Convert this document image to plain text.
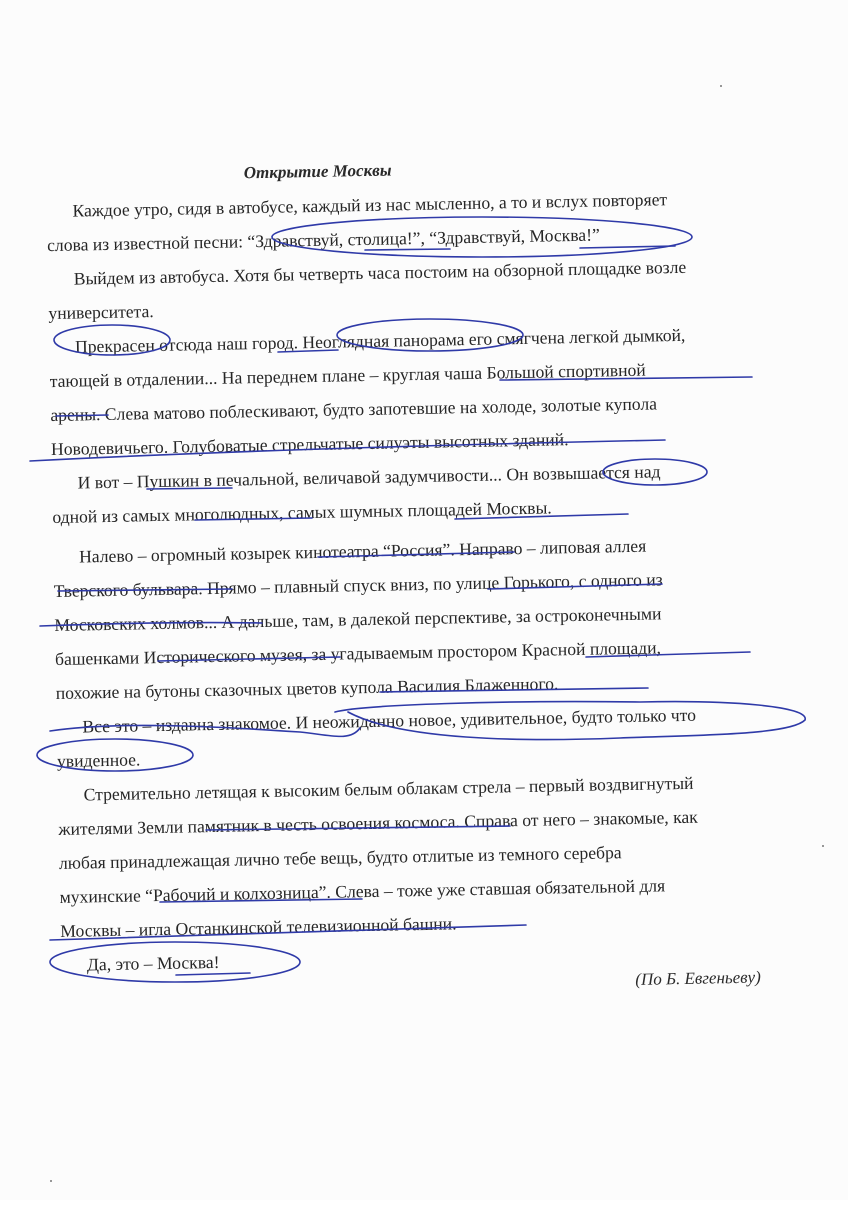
Открытие Москвы
Каждое утро, сидя в автобусе, каждый из нас мысленно, а то и вслух повторяет
слова из известной песни: “Здравствуй, столица!”, “Здравствуй, Москва!”
Выйдем из автобуса. Хотя бы четверть часа постоим на обзорной площадке возле
университета.
Прекрасен отсюда наш город. Неоглядная панорама его смягчена легкой дымкой,
тающей в отдалении... На переднем плане – круглая чаша Большой спортивной
арены. Слева матово поблескивают, будто запотевшие на холоде, золотые купола
Новодевичьего. Голубоватые стрельчатые силуэты высотных зданий.
И вот – Пушкин в печальной, величавой задумчивости... Он возвышается над
одной из самых многолюдных, самых шумных площадей Москвы.
Налево – огромный козырек кинотеатра “Россия”. Направо – липовая аллея
Тверского бульвара. Прямо – плавный спуск вниз, по улице Горького, с одного из
Московских холмов... А дальше, там, в далекой перспективе, за остроконечными
башенками Исторического музея, за угадываемым простором Красной площади,
похожие на бутоны сказочных цветов купола Василия Блаженного.
Все это – издавна знакомое. И неожиданно новое, удивительное, будто только что
увиденное.
Стремительно летящая к высоким белым облакам стрела – первый воздвигнутый
жителями Земли памятник в честь освоения космоса. Справа от него – знакомые, как
любая принадлежащая лично тебе вещь, будто отлитые из темного серебра
мухинские “Рабочий и колхозница”. Слева – тоже уже ставшая обязательной для
Москвы – игла Останкинской телевизионной башни.
Да, это – Москва!
(По Б. Евгеньеву)
